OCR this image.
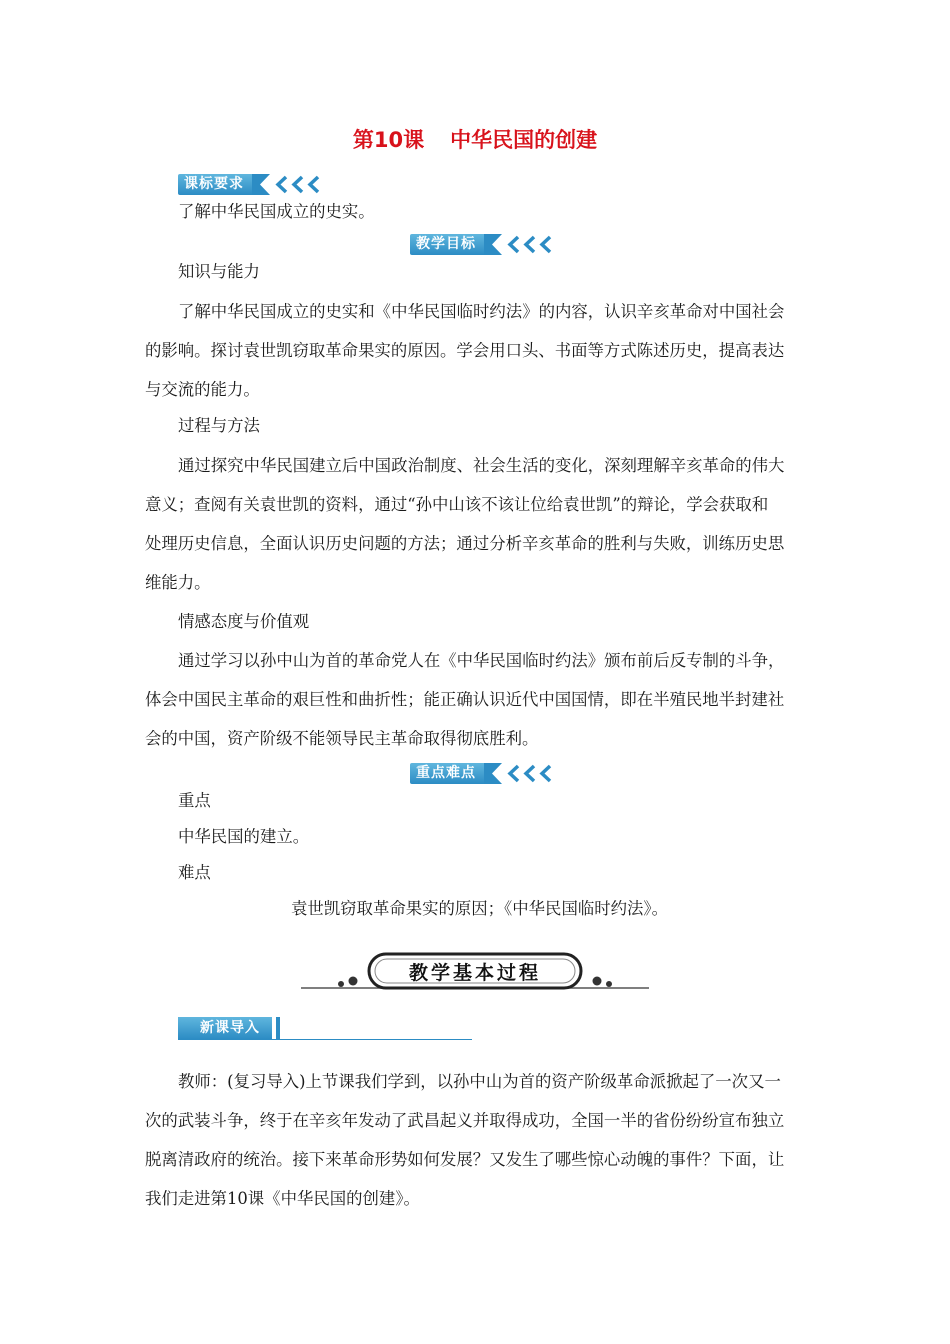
第10课 中华民国的创建
课标要求
了解中华民国成立的史实。
教学目标
知识与能力
了解中华民国成立的史实和《中华民国临时约法》的内容，认识辛亥革命对中国社会
的影响。探讨袁世凯窃取革命果实的原因。学会用口头、书面等方式陈述历史，提高表达
与交流的能力。
过程与方法
通过探究中华民国建立后中国政治制度、社会生活的变化，深刻理解辛亥革命的伟大
意义；查阅有关袁世凯的资料，通过“孙中山该不该让位给袁世凯”的辩论，学会获取和
处理历史信息，全面认识历史问题的方法；通过分析辛亥革命的胜利与失败，训练历史思
维能力。
情感态度与价值观
通过学习以孙中山为首的革命党人在《中华民国临时约法》颁布前后反专制的斗争，
体会中国民主革命的艰巨性和曲折性；能正确认识近代中国国情，即在半殖民地半封建社
会的中国，资产阶级不能领导民主革命取得彻底胜利。
重点难点
重点
中华民国的建立。
难点
袁世凯窃取革命果实的原因；《中华民国临时约法》。
教学基本过程
新课导入
教师：(复习导入)上节课我们学到，以孙中山为首的资产阶级革命派掀起了一次又一
次的武装斗争，终于在辛亥年发动了武昌起义并取得成功，全国一半的省份纷纷宣布独立
脱离清政府的统治。接下来革命形势如何发展？又发生了哪些惊心动魄的事件？下面，让
我们走进第10课《中华民国的创建》。
